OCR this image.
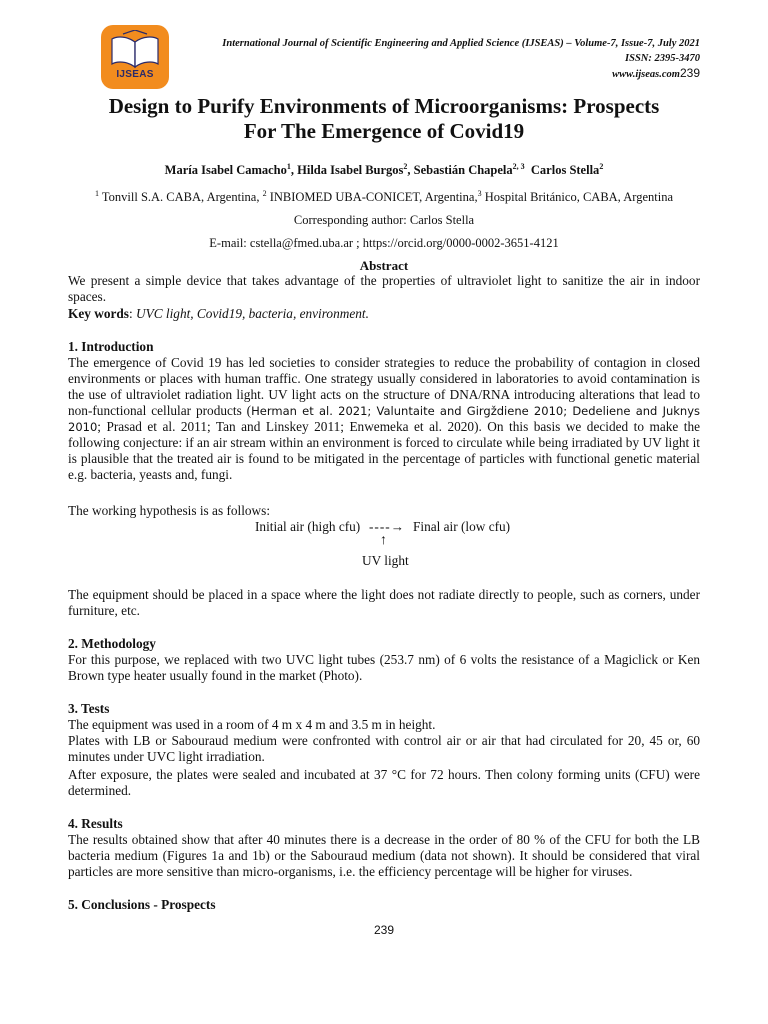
IJSEAS
International Journal of Scientific Engineering and Applied Science (IJSEAS) – Volume-7, Issue-7, July 2021
ISSN: 2395-3470
www.ijseas.com239
Design to Purify Environments of Microorganisms: Prospects
For The Emergence of Covid19
María Isabel Camacho$^1$, Hilda Isabel Burgos$^2$, Sebastián Chapela$^{2, 3}$ Carlos Stella$^2$
$^1$ Tonvill S.A. CABA, Argentina, $^2$ INBIOMED UBA-CONICET, Argentina,$^3$ Hospital Británico, CABA, Argentina
Corresponding author: Carlos Stella
E-mail: cstella@fmed.uba.ar ; https://orcid.org/0000-0002-3651-4121
Abstract
We present a simple device that takes advantage of the properties of ultraviolet light to sanitize the air in indoor spaces.
Key words: UVC light, Covid19, bacteria, environment.
1. Introduction
The emergence of Covid 19 has led societies to consider strategies to reduce the probability of contagion in closed environments or places with human traffic. One strategy usually considered in laboratories to avoid contamination is the use of ultraviolet radiation light. UV light acts on the structure of DNA/RNA introducing alterations that lead to non-functional cellular products (Herman et al. 2021; Valuntaite and Girgždiene 2010; Dedeliene and Juknys 2010; Prasad et al. 2011; Tan and Linskey 2011; Enwemeka et al. 2020). On this basis we decided to make the following conjecture: if an air stream within an environment is forced to circulate while being irradiated by UV light it is plausible that the treated air is found to be mitigated in the percentage of particles with functional genetic material e.g. bacteria, yeasts and, fungi.
The working hypothesis is as follows:
Initial air (high cfu) ----→ Final air (low cfu)
↑
UV light
The equipment should be placed in a space where the light does not radiate directly to people, such as corners, under furniture, etc.
2. Methodology
For this purpose, we replaced with two UVC light tubes (253.7 nm) of 6 volts the resistance of a Magiclick or Ken Brown type heater usually found in the market (Photo).
3. Tests
The equipment was used in a room of 4 m x 4 m and 3.5 m in height.
Plates with LB or Sabouraud medium were confronted with control air or air that had circulated for 20, 45 or, 60 minutes under UVC light irradiation.
After exposure, the plates were sealed and incubated at 37 °C for 72 hours. Then colony forming units (CFU) were determined.
4. Results
The results obtained show that after 40 minutes there is a decrease in the order of 80 % of the CFU for both the LB bacteria medium (Figures 1a and 1b) or the Sabouraud medium (data not shown). It should be considered that viral particles are more sensitive than micro-organisms, i.e. the efficiency percentage will be higher for viruses.
5. Conclusions - Prospects
239
